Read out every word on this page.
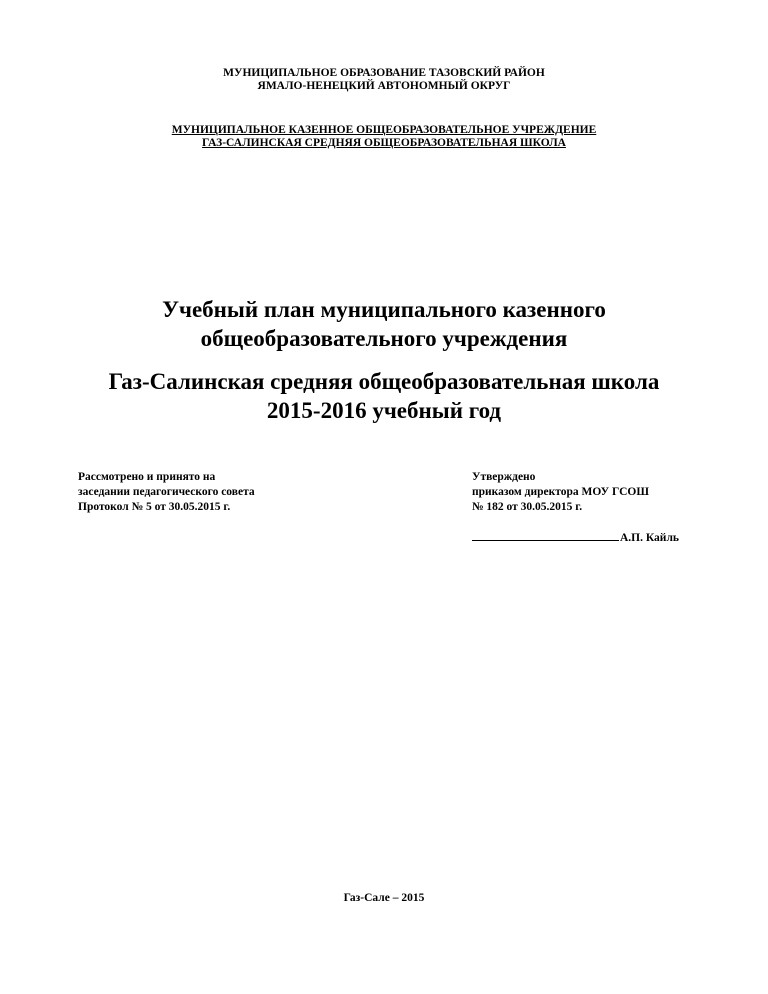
МУНИЦИПАЛЬНОЕ ОБРАЗОВАНИЕ ТАЗОВСКИЙ РАЙОН
ЯМАЛО-НЕНЕЦКИЙ АВТОНОМНЫЙ ОКРУГ
МУНИЦИПАЛЬНОЕ КАЗЕННОЕ ОБЩЕОБРАЗОВАТЕЛЬНОЕ УЧРЕЖДЕНИЕ
ГАЗ-САЛИНСКАЯ СРЕДНЯЯ ОБЩЕОБРАЗОВАТЕЛЬНАЯ ШКОЛА
Учебный план муниципального казенного
общеобразовательного учреждения
Газ-Салинская средняя общеобразовательная школа
2015-2016 учебный год
Рассмотрено и принято на
заседании педагогического совета
Протокол № 5 от 30.05.2015 г.
Утверждено
приказом директора МОУ ГСОШ
№ 182 от 30.05.2015 г.
А.П. Кайль
Газ-Сале – 2015
